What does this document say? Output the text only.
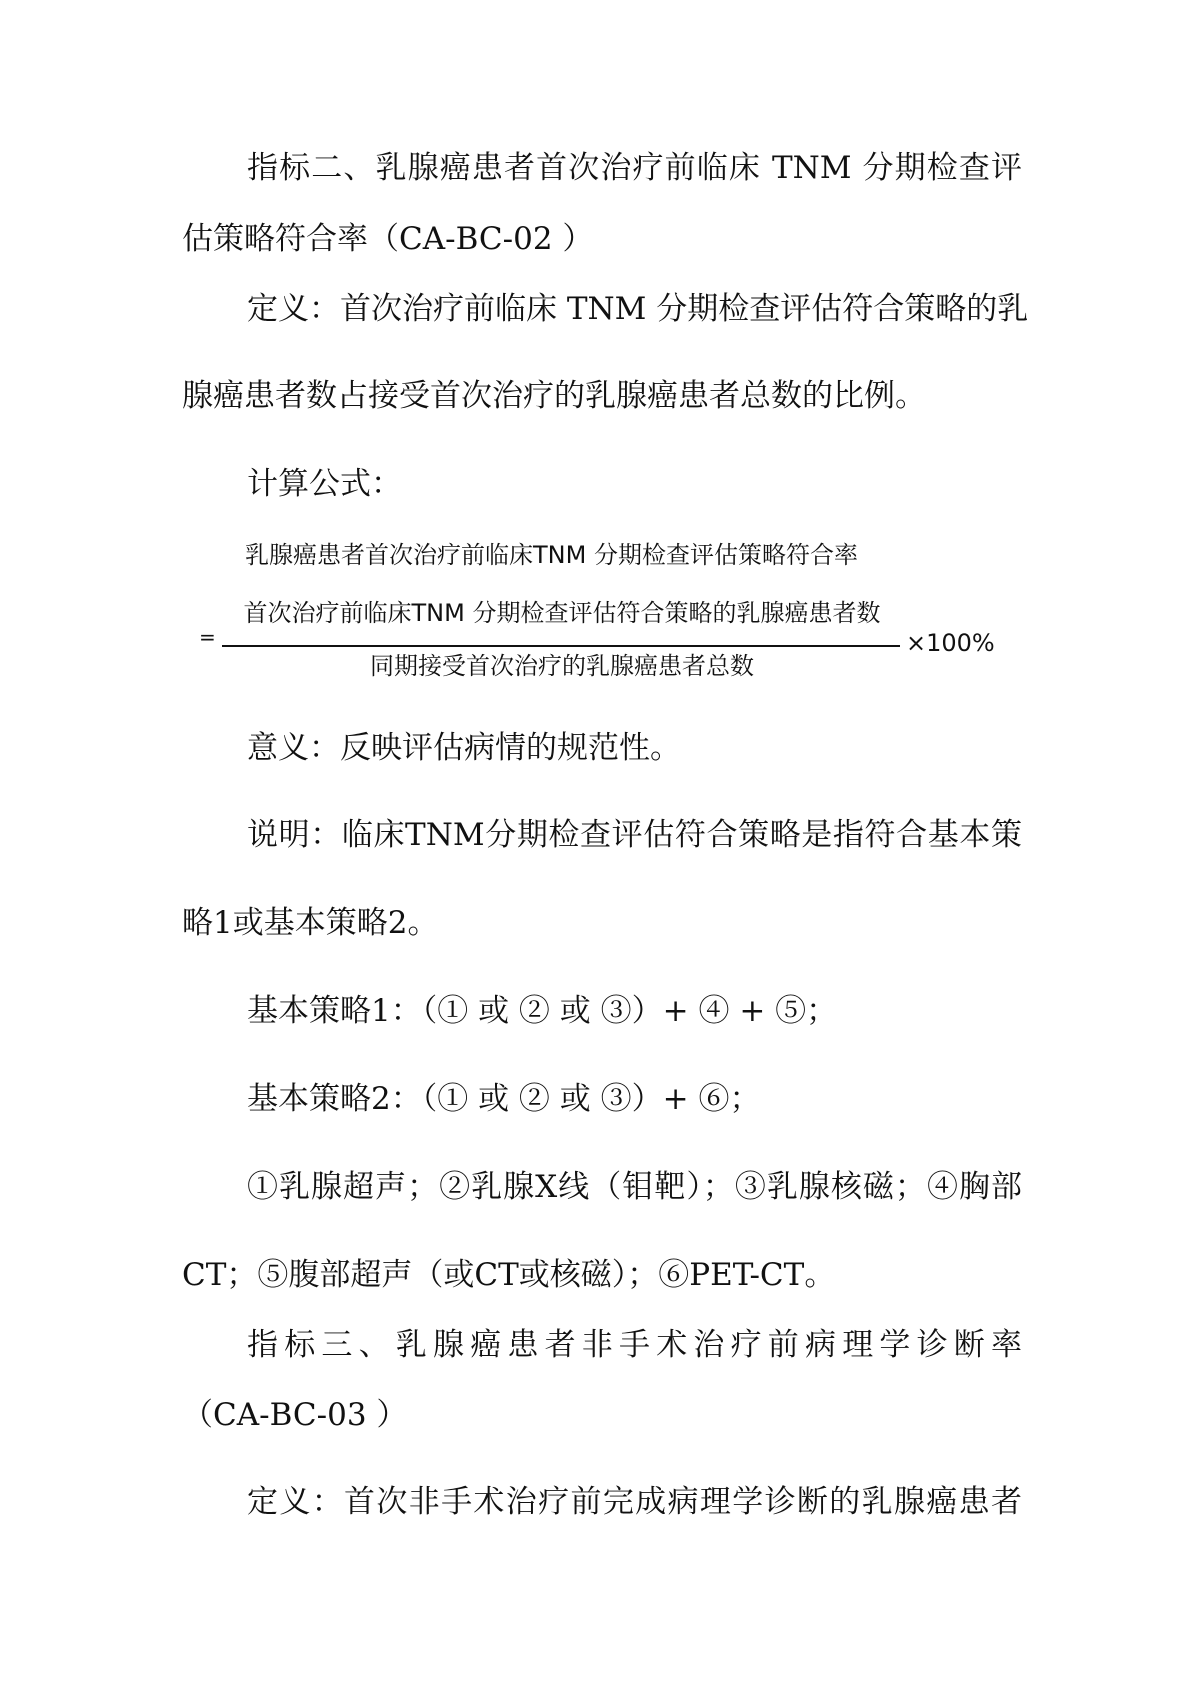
指标二、乳腺癌患者首次治疗前临床 TNM 分期检查评
估策略符合率（CA-BC-02 ）
定义：首次治疗前临床 TNM 分期检查评估符合策略的乳
腺癌患者数占接受首次治疗的乳腺癌患者总数的比例。
计算公式：
乳腺癌患者首次治疗前临床TNM 分期检查评估策略符合率
=
首次治疗前临床TNM 分期检查评估符合策略的乳腺癌患者数
同期接受首次治疗的乳腺癌患者总数
×100%
意义：反映评估病情的规范性。
说明：临床TNM分期检查评估符合策略是指符合基本策
略1或基本策略2。
基本策略1：（① 或 ② 或 ③）+ ④ + ⑤；
基本策略2：（① 或 ② 或 ③）+ ⑥；
①乳腺超声；②乳腺X线（钼靶）；③乳腺核磁；④胸部
CT；⑤腹部超声（或CT或核磁）；⑥PET-CT。
指标三、乳腺癌患者非手术治疗前病理学诊断率
（CA-BC-03 ）
定义：首次非手术治疗前完成病理学诊断的乳腺癌患者
